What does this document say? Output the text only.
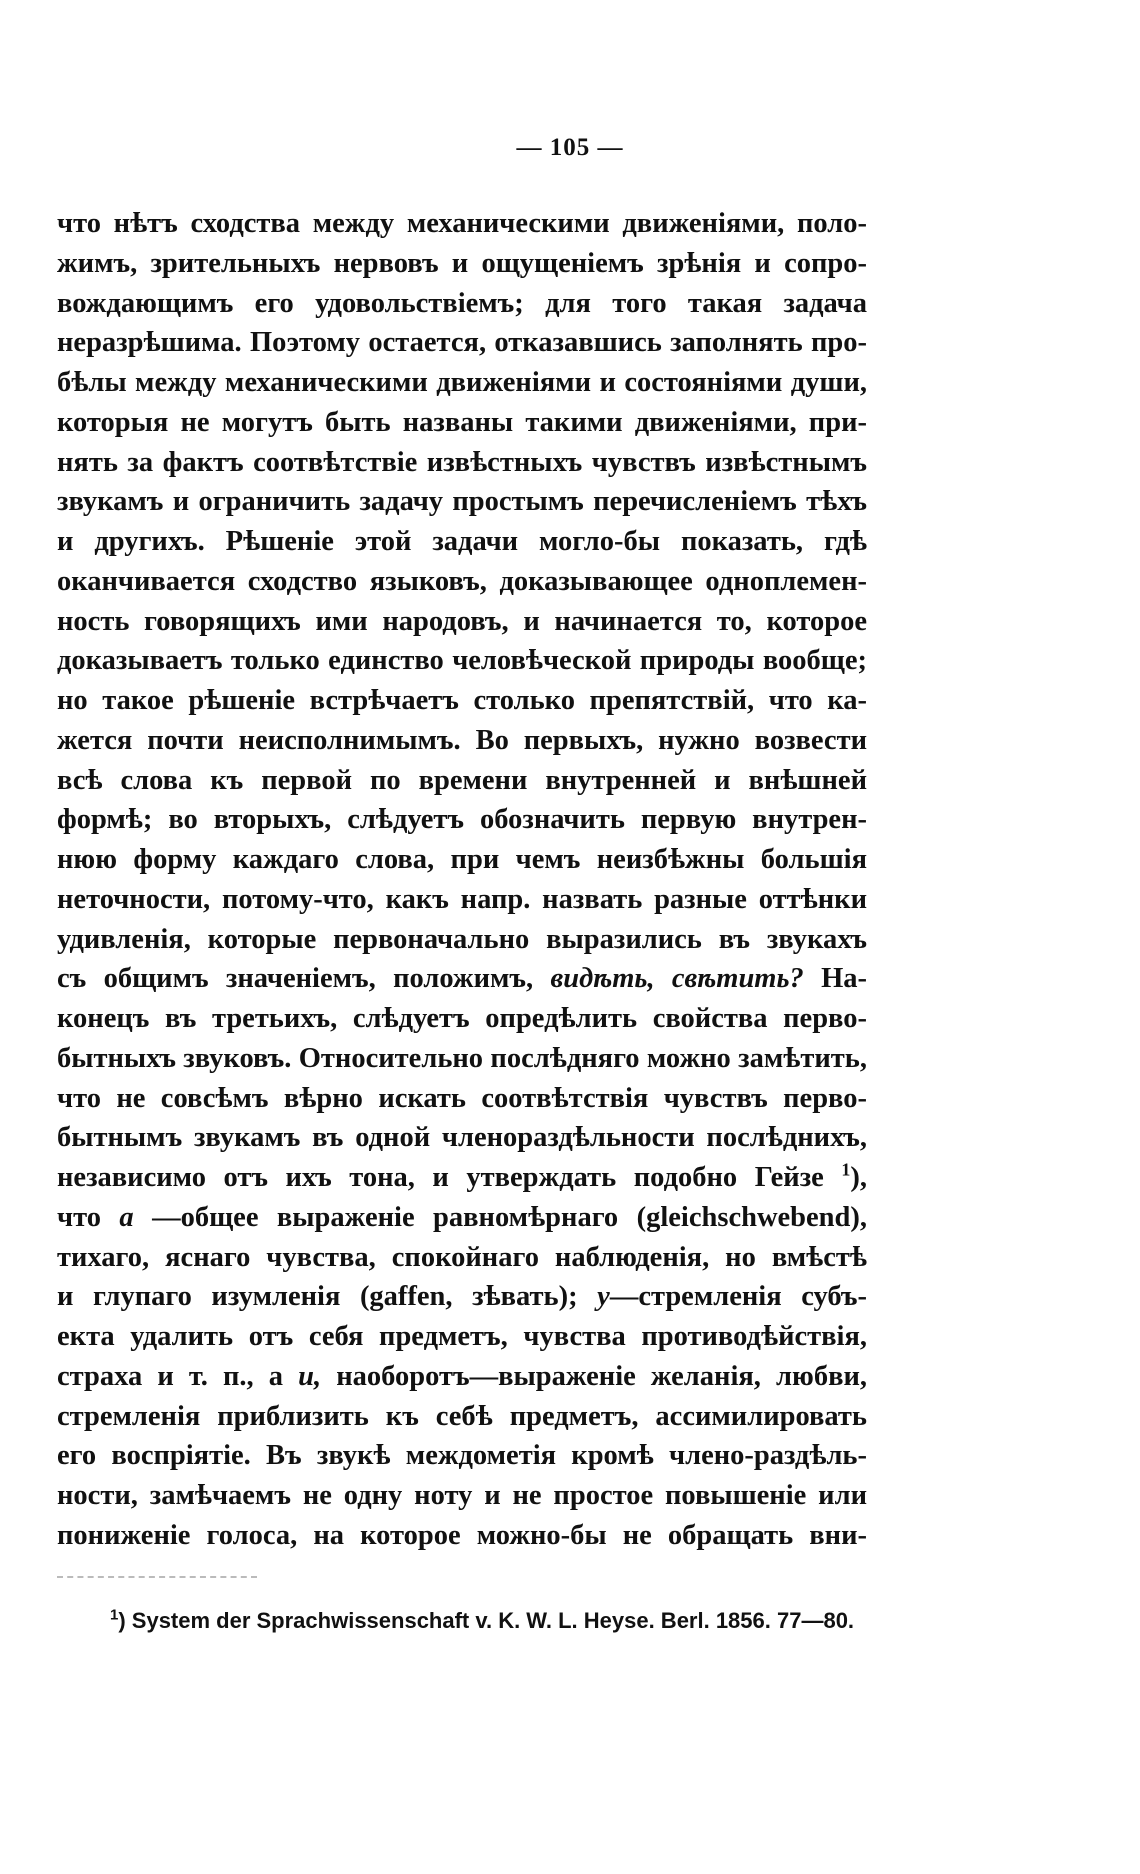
— 105 —
что нѣтъ сходства между механическими движеніями, поло-
жимъ, зрительныхъ нервовъ и ощущеніемъ зрѣнія и сопро-
вождающимъ его удовольствіемъ; для того такая задача
неразрѣшима. Поэтому остается, отказавшись заполнять про-
бѣлы между механическими движеніями и состояніями души,
которыя не могутъ быть названы такими движеніями, при-
нять за фактъ соотвѣтствіе извѣстныхъ чувствъ извѣстнымъ
звукамъ и ограничить задачу простымъ перечисленіемъ тѣхъ
и другихъ. Рѣшеніе этой задачи могло-бы показать, гдѣ
оканчивается сходство языковъ, доказывающее одноплемен-
ность говорящихъ ими народовъ, и начинается то, которое
доказываетъ только единство человѣческой природы вообще;
но такое рѣшеніе встрѣчаетъ столько препятствій, что ка-
жется почти неисполнимымъ. Во первыхъ, нужно возвести
всѣ слова къ первой по времени внутренней и внѣшней
формѣ; во вторыхъ, слѣдуетъ обозначить первую внутрен-
нюю форму каждаго слова, при чемъ неизбѣжны большія
неточности, потому-что, какъ напр. назвать разные оттѣнки
удивленія, которые первоначально выразились въ звукахъ
съ общимъ значеніемъ, положимъ, видѣть, свѣтить? На-
конецъ въ третьихъ, слѣдуетъ опредѣлить свойства перво-
бытныхъ звуковъ. Относительно послѣдняго можно замѣтить,
что не совсѣмъ вѣрно искать соотвѣтствія чувствъ перво-
бытнымъ звукамъ въ одной членораздѣльности послѣднихъ,
независимо отъ ихъ тона, и утверждать подобно Гейзе $^1$),
что а —общее выраженіе равномѣрнаго (gleichschwebend),
тихаго, яснаго чувства, спокойнаго наблюденія, но вмѣстѣ
и глупаго изумленія (gaffen, зѣвать); у—стремленія субъ-
екта удалить отъ себя предметъ, чувства противодѣйствія,
страха и т. п., а и, наоборотъ—выраженіе желанія, любви,
стремленія приблизить къ себѣ предметъ, ассимилировать
его воспріятіе. Въ звукѣ междометія кромѣ члено-раздѣль-
ности, замѣчаемъ не одну ноту и не простое повышеніе или
пониженіе голоса, на которое можно-бы не обращать вни-
$^1$) System der Sprachwissenschaft v. K. W. L. Heyse. Berl. 1856. 77—80.
